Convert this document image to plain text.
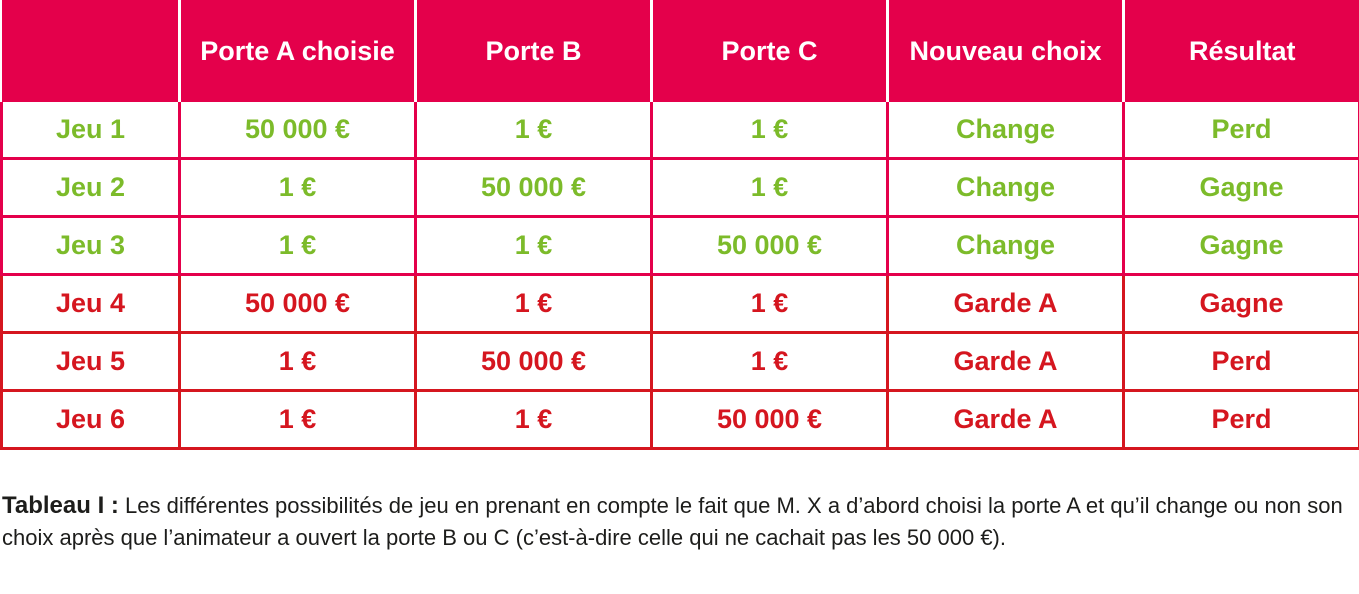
	Porte A choisie	Porte B	Porte C	Nouveau choix	Résultat
Jeu 1	50 000 €	1 €	1 €	Change	Perd
Jeu 2	1 €	50 000 €	1 €	Change	Gagne
Jeu 3	1 €	1 €	50 000 €	Change	Gagne
Jeu 4	50 000 €	1 €	1 €	Garde A	Gagne
Jeu 5	1 €	50 000 €	1 €	Garde A	Perd
Jeu 6	1 €	1 €	50 000 €	Garde A	Perd
Tableau I : Les différentes possibilités de jeu en prenant en compte le fait que M. X a d’abord choisi la porte A et qu’il change ou non son choix après que l’animateur a ouvert la porte B ou C (c’est-à-dire celle qui ne cachait pas les 50 000 €).
